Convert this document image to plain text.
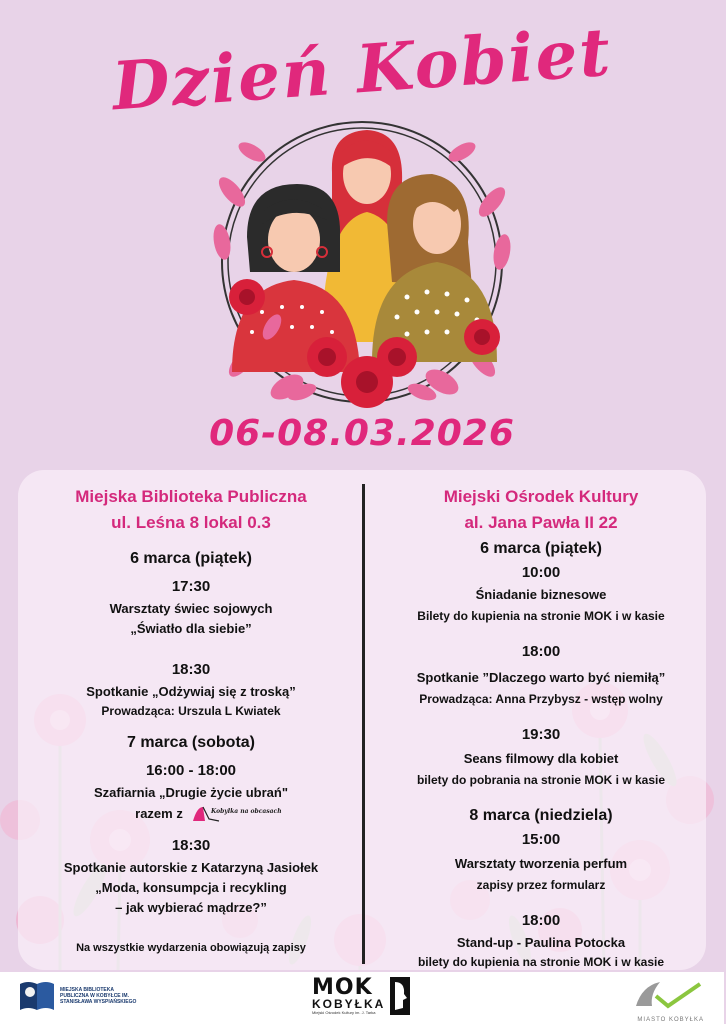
Dzień Kobiet
06-08.03.2026
Miejska Biblioteka Publiczna
ul. Leśna 8 lokal 0.3
6 marca (piątek)
17:30
Warsztaty świec sojowych
„Światło dla siebie”
18:30
Spotkanie „Odżywiaj się z troską”
Prowadząca: Urszula L Kwiatek
7 marca (sobota)
16:00 - 18:00
Szafiarnia „Drugie życie ubrań"
razem z	Kobyłka na obcasach
18:30
Spotkanie autorskie z Katarzyną Jasiołek
„Moda, konsumpcja i recykling
– jak wybierać mądrze?”
Na wszystkie wydarzenia obowiązują zapisy
Miejski Ośrodek Kultury
al. Jana Pawła II 22
6 marca (piątek)
10:00
Śniadanie biznesowe
Bilety do kupienia na stronie MOK i w kasie
18:00
Spotkanie ”Dlaczego warto być niemiłą”
Prowadząca: Anna Przybysz - wstęp wolny
19:30
Seans filmowy dla kobiet
bilety do pobrania na stronie MOK i w kasie
8 marca (niedziela)
15:00
Warsztaty tworzenia perfum
zapisy przez formularz
18:00
Stand-up - Paulina Potocka
bilety do kupienia na stronie MOK i w kasie
MIEJSKA BIBLIOTEKA PUBLICZNA W KOBYŁCE IM. STANISŁAWA WYSPIAŃSKIEGO
MOK
KOBYŁKA
Miejski Ośrodek Kultury im. J. Tarka
MIASTO KOBYŁKA
